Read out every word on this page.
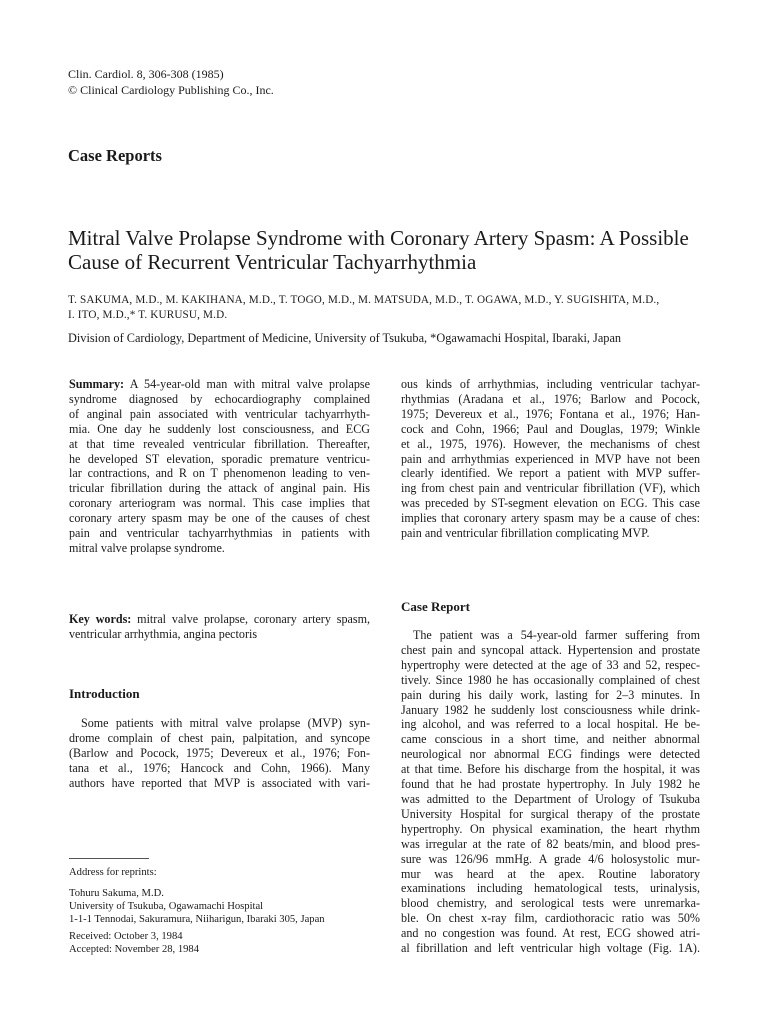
Clin. Cardiol. 8, 306-308 (1985)
© Clinical Cardiology Publishing Co., Inc.
Case Reports
Mitral Valve Prolapse Syndrome with Coronary Artery Spasm: A Possible
Cause of Recurrent Ventricular Tachyarrhythmia
T. SAKUMA, M.D., M. KAKIHANA, M.D., T. TOGO, M.D., M. MATSUDA, M.D., T. OGAWA, M.D., Y. SUGISHITA, M.D.,
I. ITO, M.D.,* T. KURUSU, M.D.
Division of Cardiology, Department of Medicine, University of Tsukuba, *Ogawamachi Hospital, Ibaraki, Japan
Summary: A 54-year-old man with mitral valve prolapse
syndrome diagnosed by echocardiography complained
of anginal pain associated with ventricular tachyarrhyth-
mia. One day he suddenly lost consciousness, and ECG
at that time revealed ventricular fibrillation. Thereafter,
he developed ST elevation, sporadic premature ventricu-
lar contractions, and R on T phenomenon leading to ven-
tricular fibrillation during the attack of anginal pain. His
coronary arteriogram was normal. This case implies that
coronary artery spasm may be one of the causes of chest
pain and ventricular tachyarrhythmias in patients with
mitral valve prolapse syndrome.
Key words: mitral valve prolapse, coronary artery spasm,
ventricular arrhythmia, angina pectoris
Introduction
Some patients with mitral valve prolapse (MVP) syn-
drome complain of chest pain, palpitation, and syncope
(Barlow and Pocock, 1975; Devereux et al., 1976; Fon-
tana et al., 1976; Hancock and Cohn, 1966). Many
authors have reported that MVP is associated with vari-
Address for reprints:
Tohuru Sakuma, M.D.
University of Tsukuba, Ogawamachi Hospital
1-1-1 Tennodai, Sakuramura, Niiharigun, Ibaraki 305, Japan
Received: October 3, 1984
Accepted: November 28, 1984
ous kinds of arrhythmias, including ventricular tachyar-
rhythmias (Aradana et al., 1976; Barlow and Pocock,
1975; Devereux et al., 1976; Fontana et al., 1976; Han-
cock and Cohn, 1966; Paul and Douglas, 1979; Winkle
et al., 1975, 1976). However, the mechanisms of chest
pain and arrhythmias experienced in MVP have not been
clearly identified. We report a patient with MVP suffer-
ing from chest pain and ventricular fibrillation (VF), which
was preceded by ST-segment elevation on ECG. This case
implies that coronary artery spasm may be a cause of ches:
pain and ventricular fibrillation complicating MVP.
Case Report
The patient was a 54-year-old farmer suffering from
chest pain and syncopal attack. Hypertension and prostate
hypertrophy were detected at the age of 33 and 52, respec-
tively. Since 1980 he has occasionally complained of chest
pain during his daily work, lasting for 2–3 minutes. In
January 1982 he suddenly lost consciousness while drink-
ing alcohol, and was referred to a local hospital. He be-
came conscious in a short time, and neither abnormal
neurological nor abnormal ECG findings were detected
at that time. Before his discharge from the hospital, it was
found that he had prostate hypertrophy. In July 1982 he
was admitted to the Department of Urology of Tsukuba
University Hospital for surgical therapy of the prostate
hypertrophy. On physical examination, the heart rhythm
was irregular at the rate of 82 beats/min, and blood pres-
sure was 126/96 mmHg. A grade 4/6 holosystolic mur-
mur was heard at the apex. Routine laboratory
examinations including hematological tests, urinalysis,
blood chemistry, and serological tests were unremarka-
ble. On chest x-ray film, cardiothoracic ratio was 50%
and no congestion was found. At rest, ECG showed atri-
al fibrillation and left ventricular high voltage (Fig. 1A).
